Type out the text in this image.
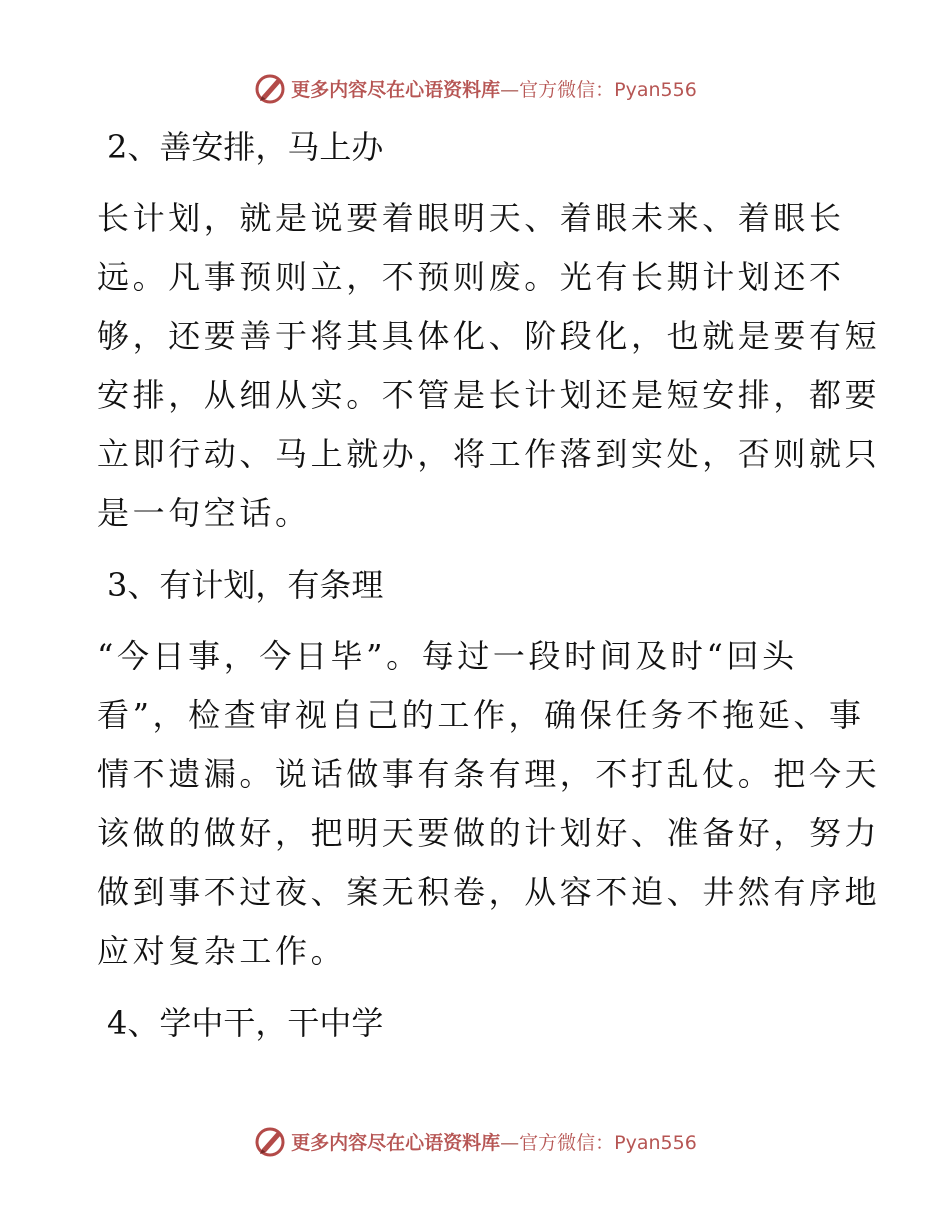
更多内容尽在心语资料库—官方微信：Pyan556

2、善安排，马上办

长计划，就是说要着眼明天、着眼未来、着眼长
远。凡事预则立，不预则废。光有长期计划还不
够，还要善于将其具体化、阶段化，也就是要有短
安排，从细从实。不管是长计划还是短安排，都要
立即行动、马上就办，将工作落到实处，否则就只
是一句空话。

3、有计划，有条理

“今日事，今日毕”。每过一段时间及时“回头
看”，检查审视自己的工作，确保任务不拖延、事
情不遗漏。说话做事有条有理，不打乱仗。把今天
该做的做好，把明天要做的计划好、准备好，努力
做到事不过夜、案无积卷，从容不迫、井然有序地
应对复杂工作。

4、学中干，干中学

更多内容尽在心语资料库—官方微信：Pyan556
